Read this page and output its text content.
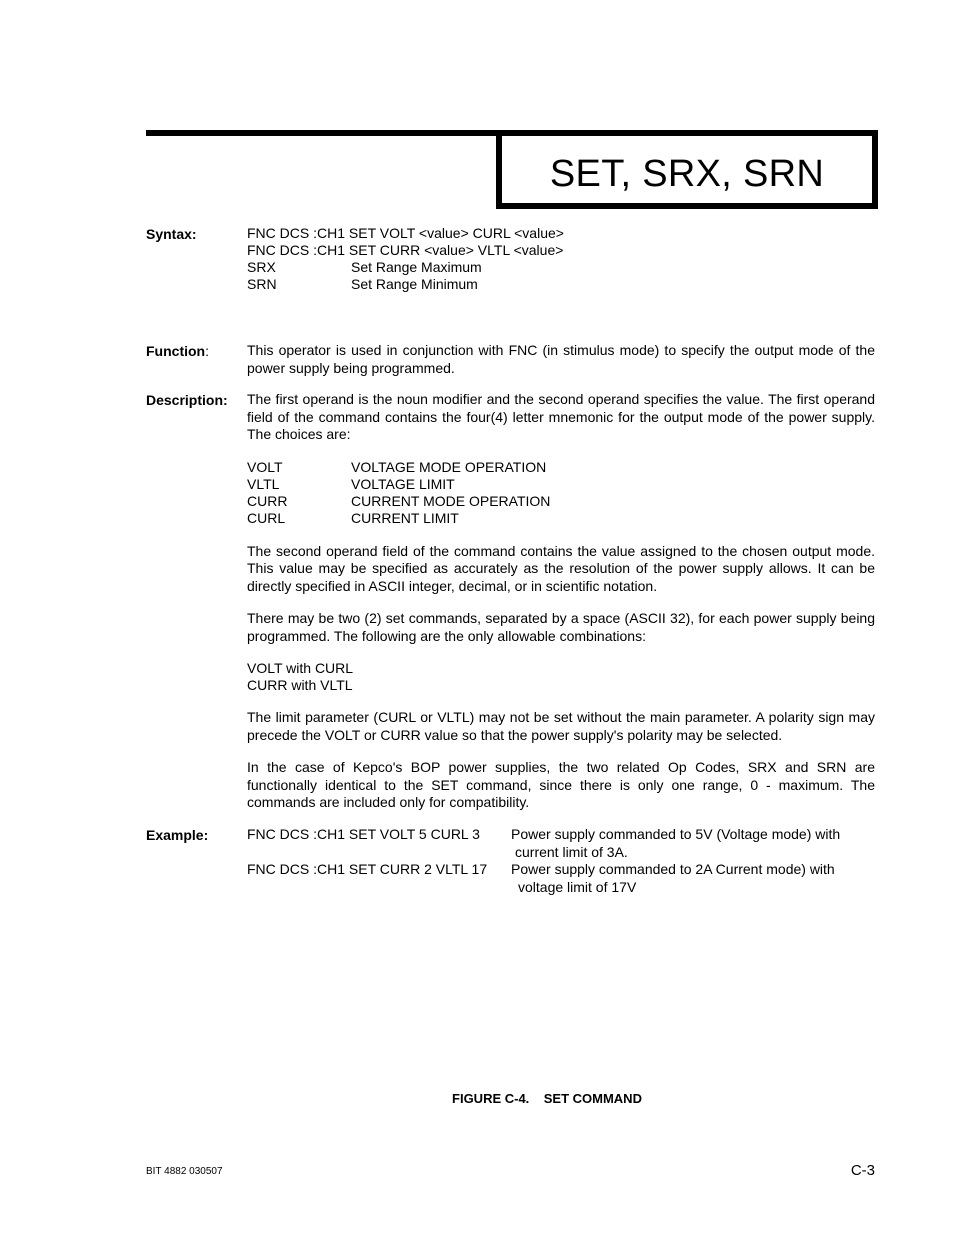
SET, SRX, SRN
Syntax:	FNC DCS :CH1 SET VOLT <value> CURL <value>
FNC DCS :CH1 SET CURR <value> VLTL <value>
SRX	Set Range Maximum
SRN	Set Range Minimum
Function:	This operator is used in conjunction with FNC (in stimulus mode) to specify the output mode of the power supply being programmed.

Description: The first operand is the noun modifier and the second operand specifies the value. The first operand field of the command contains the four(4) letter mnemonic for the output mode of the power supply. The choices are:

VOLT	VOLTAGE MODE OPERATION
VLTL	VOLTAGE LIMIT
CURR	CURRENT MODE OPERATION
CURL	CURRENT LIMIT

The second operand field of the command contains the value assigned to the chosen output mode. This value may be specified as accurately as the resolution of the power supply allows. It can be directly specified in ASCII integer, decimal, or in scientific notation.

There may be two (2) set commands, separated by a space (ASCII 32), for each power supply being programmed. The following are the only allowable combinations:

VOLT with CURL
CURR with VLTL

The limit parameter (CURL or VLTL) may not be set without the main parameter. A polarity sign may precede the VOLT or CURR value so that the power supply's polarity may be selected.

In the case of Kepco's BOP power supplies, the two related Op Codes, SRX and SRN are functionally identical to the SET command, since there is only one range, 0 - maximum. The commands are included only for compatibility.

Example:	FNC DCS :CH1 SET VOLT 5 CURL 3 Power supply commanded to 5V (Voltage mode) with
current limit of 3A.
FNC DCS :CH1 SET CURR 2 VLTL 17 Power supply commanded to 2A Current mode) with
voltage limit of 17V
FIGURE C-4.    SET COMMAND
BIT 4882 030507	C-3
